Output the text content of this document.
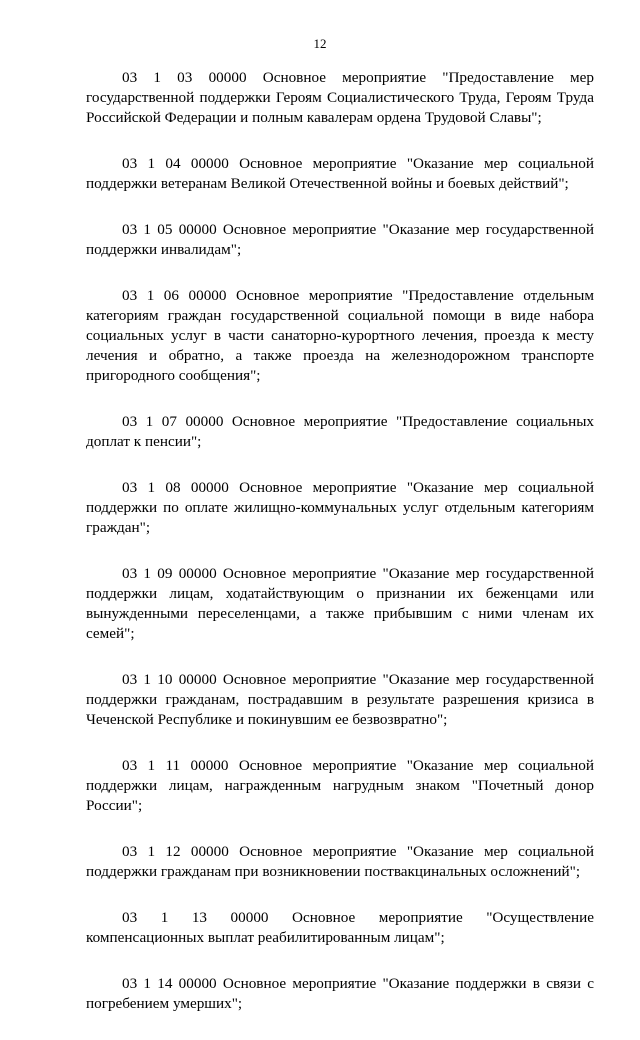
12

03 1 03 00000 Основное мероприятие "Предоставление мер государственной поддержки Героям Социалистического Труда, Героям Труда Российской Федерации и полным кавалерам ордена Трудовой Славы";

03 1 04 00000 Основное мероприятие "Оказание мер социальной поддержки ветеранам Великой Отечественной войны и боевых действий";

03 1 05 00000 Основное мероприятие "Оказание мер государственной поддержки инвалидам";

03 1 06 00000 Основное мероприятие "Предоставление отдельным категориям граждан государственной социальной помощи в виде набора социальных услуг в части санаторно-курортного лечения, проезда к месту лечения и обратно, а также проезда на железнодорожном транспорте пригородного сообщения";

03 1 07 00000 Основное мероприятие "Предоставление социальных доплат к пенсии";

03 1 08 00000 Основное мероприятие "Оказание мер социальной поддержки по оплате жилищно-коммунальных услуг отдельным категориям граждан";

03 1 09 00000 Основное мероприятие "Оказание мер государственной поддержки лицам, ходатайствующим о признании их беженцами или вынужденными переселенцами, а также прибывшим с ними членам их семей";

03 1 10 00000 Основное мероприятие "Оказание мер государственной поддержки гражданам, пострадавшим в результате разрешения кризиса в Чеченской Республике и покинувшим ее безвозвратно";

03 1 11 00000 Основное мероприятие "Оказание мер социальной поддержки лицам, награжденным нагрудным знаком "Почетный донор России";

03 1 12 00000 Основное мероприятие "Оказание мер социальной поддержки гражданам при возникновении поствакцинальных осложнений";

03 1 13 00000 Основное мероприятие "Осуществление компенсационных выплат реабилитированным лицам";

03 1 14 00000 Основное мероприятие "Оказание поддержки в связи с погребением умерших";
